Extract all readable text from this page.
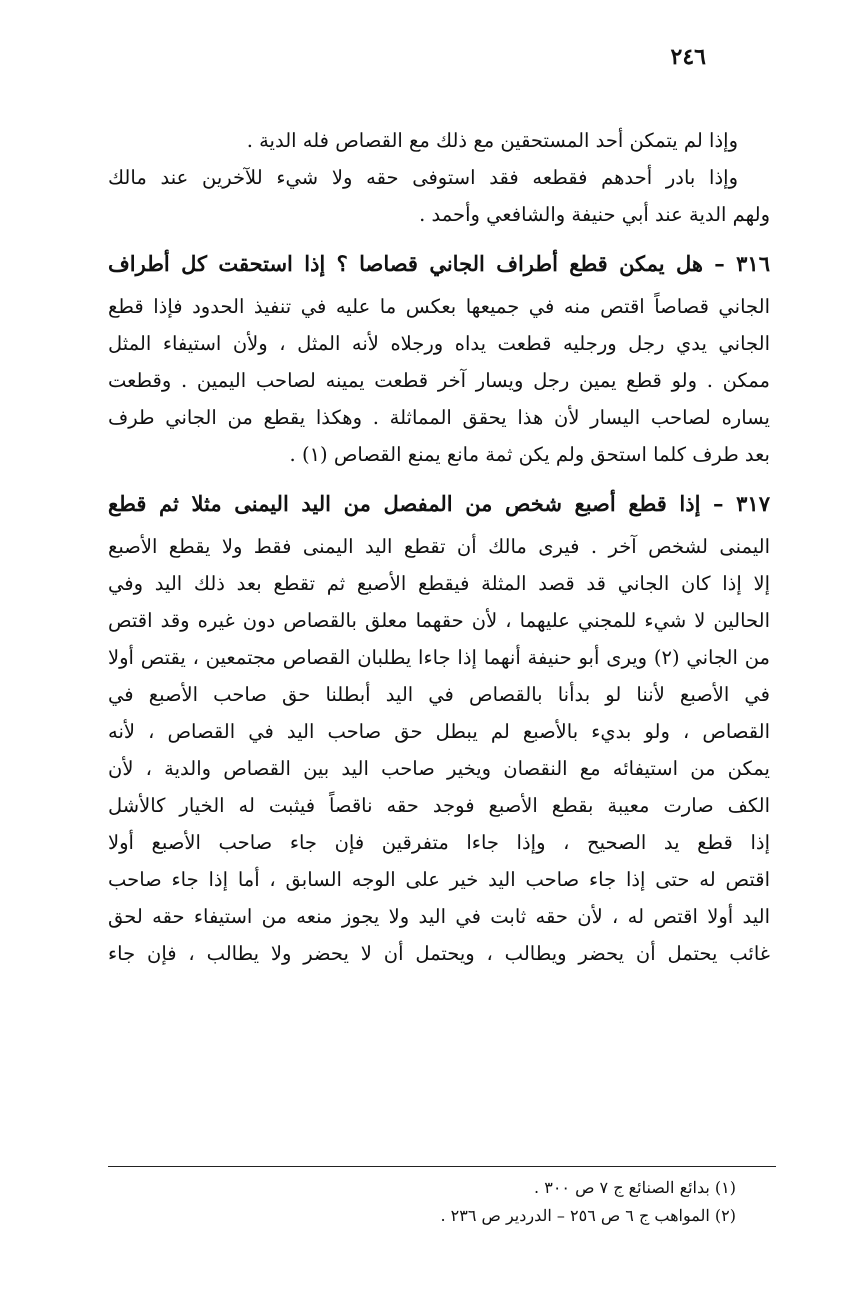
٢٤٦
وإذا لم يتمكن أحد المستحقين مع ذلك مع القصاص فله الدية .
وإذا بادر أحدهم فقطعه فقد استوفى حقه ولا شيء للآخرين عند مالك
ولهم الدية عند أبي حنيفة والشافعي وأحمد .
٣١٦ – هل يمكن قطع أطراف الجاني قصاصا ؟ إذا استحقت كل أطراف
الجاني قصاصاً اقتص منه في جميعها بعكس ما عليه في تنفيذ الحدود فإذا قطع
الجاني يدي رجل ورجليه قطعت يداه ورجلاه لأنه المثل ، ولأن استيفاء المثل
ممكن . ولو قطع يمين رجل ويسار آخر قطعت يمينه لصاحب اليمين . وقطعت
يساره لصاحب اليسار لأن هذا يحقق المماثلة . وهكذا يقطع من الجاني طرف
بعد طرف كلما استحق ولم يكن ثمة مانع يمنع القصاص (١) .
٣١٧ – إذا قطع أصبع شخص من المفصل من اليد اليمنى مثلا ثم قطع
اليمنى لشخص آخر . فيرى مالك أن تقطع اليد اليمنى فقط ولا يقطع الأصبع
إلا إذا كان الجاني قد قصد المثلة فيقطع الأصبع ثم تقطع بعد ذلك اليد وفي
الحالين لا شيء للمجني عليهما ، لأن حقهما معلق بالقصاص دون غيره وقد اقتص
من الجاني (٢) ويرى أبو حنيفة أنهما إذا جاءا يطلبان القصاص مجتمعين ، يقتص أولا
في الأصبع لأننا لو بدأنا بالقصاص في اليد أبطلنا حق صاحب الأصبع في
القصاص ، ولو بديء بالأصبع لم يبطل حق صاحب اليد في القصاص ، لأنه
يمكن من استيفائه مع النقصان ويخير صاحب اليد بين القصاص والدية ، لأن
الكف صارت معيبة بقطع الأصبع فوجد حقه ناقصاً فيثبت له الخيار كالأشل
إذا قطع يد الصحيح ، وإذا جاءا متفرقين فإن جاء صاحب الأصبع أولا
اقتص له حتى إذا جاء صاحب اليد خير على الوجه السابق ، أما إذا جاء صاحب
اليد أولا اقتص له ، لأن حقه ثابت في اليد ولا يجوز منعه من استيفاء حقه لحق
غائب يحتمل أن يحضر ويطالب ، ويحتمل أن لا يحضر ولا يطالب ، فإن جاء
(١) بدائع الصنائع ج ٧ ص ٣٠٠ .
(٢) المواهب ج ٦ ص ٢٥٦ – الدردير ص ٢٣٦ .
